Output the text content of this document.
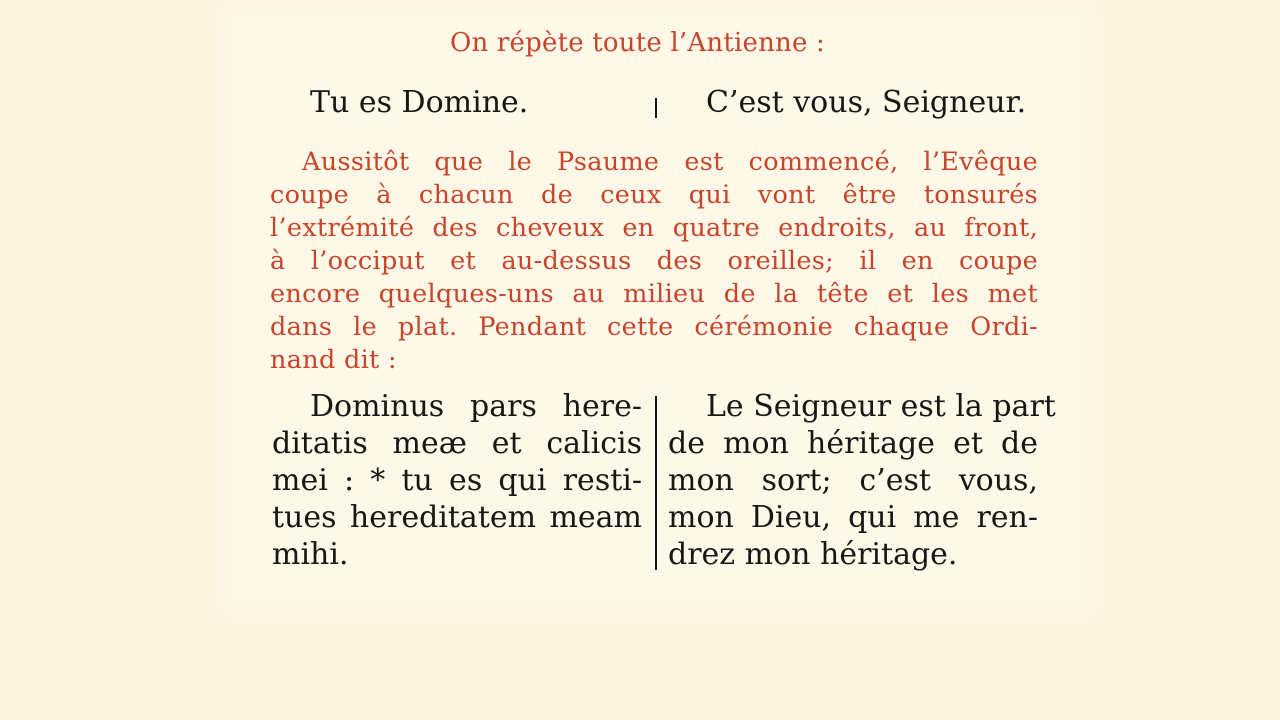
On répète toute l’Antienne :
Tu es Domine.	C’est vous, Seigneur.
Aussitôt que le Psaume est commencé, l’Evêque
coupe à chacun de ceux qui vont être tonsurés
l’extrémité des cheveux en quatre endroits, au front,
à l’occiput et au-dessus des oreilles; il en coupe
encore quelques-uns au milieu de la tête et les met
dans le plat. Pendant cette cérémonie chaque Ordi-
nand dit :
Dominus pars here-
ditatis meæ et calicis
mei : * tu es qui resti-
tues hereditatem meam
mihi.
Le Seigneur est la part
de mon héritage et de
mon sort; c’est vous,
mon Dieu, qui me ren-
drez mon héritage.
